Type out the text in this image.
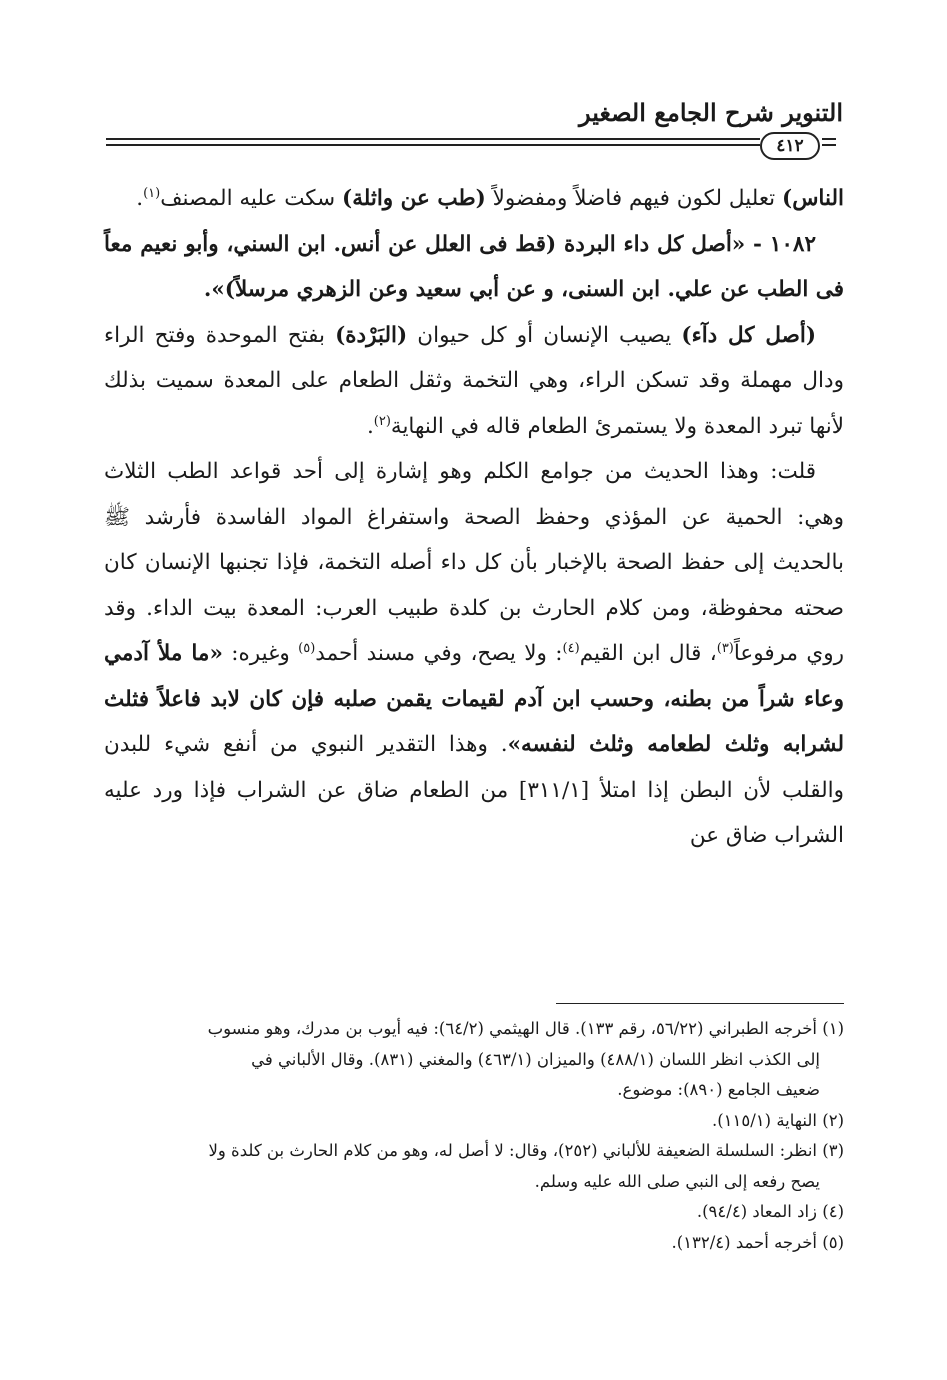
التنوير شرح الجامع الصغير
٤١٢

الناس) تعليل لكون فيهم فاضلاً ومفضولاً (طب عن واثلة) سكت عليه المصنف$^{(١)}$.

١٠٨٢ - «أصل كل داء البردة (قط فى العلل عن أنس. ابن السني، وأبو نعيم معاً فى الطب عن علي. ابن السنى، و عن أبي سعيد وعن الزهري مرسلاً)».

(أصل كل دآء) يصيب الإنسان أو كل حيوان (البَرْدة) بفتح الموحدة وفتح الراء ودال مهملة وقد تسكن الراء، وهي التخمة وثقل الطعام على المعدة سميت بذلك لأنها تبرد المعدة ولا يستمرئ الطعام قاله في النهاية$^{(٢)}$.

قلت: وهذا الحديث من جوامع الكلم وهو إشارة إلى أحد قواعد الطب الثلاث وهي: الحمية عن المؤذي وحفظ الصحة واستفراغ المواد الفاسدة فأرشد ﷺ بالحديث إلى حفظ الصحة بالإخبار بأن كل داء أصله التخمة، فإذا تجنبها الإنسان كان صحته محفوظة، ومن كلام الحارث بن كلدة طبيب العرب: المعدة بيت الداء. وقد روي مرفوعاً$^{(٣)}$، قال ابن القيم$^{(٤)}$: ولا يصح، وفي مسند أحمد$^{(٥)}$ وغيره: «ما ملأ آدمي وعاء شراً من بطنه، وحسب ابن آدم لقيمات يقمن صلبه فإن كان لابد فاعلاً فثلث لشرابه وثلث لطعامه وثلث لنفسه». وهذا التقدير النبوي من أنفع شيء للبدن والقلب لأن البطن إذا امتلأ [٣١١/١] من الطعام ضاق عن الشراب فإذا ورد عليه الشراب ضاق عن

(١) أخرجه الطبراني (٥٦/٢٢، رقم ١٣٣). قال الهيثمي (٦٤/٢): فيه أيوب بن مدرك، وهو منسوب
إلى الكذب انظر اللسان (٤٨٨/١) والميزان (٤٦٣/١) والمغني (٨٣١). وقال الألباني في
ضعيف الجامع (٨٩٠): موضوع.

(٢) النهاية (١١٥/١).

(٣) انظر: السلسلة الضعيفة للألباني (٢٥٢)، وقال: لا أصل له، وهو من كلام الحارث بن كلدة ولا
يصح رفعه إلى النبي صلى الله عليه وسلم.

(٤) زاد المعاد (٩٤/٤).

(٥) أخرجه أحمد (١٣٢/٤).
